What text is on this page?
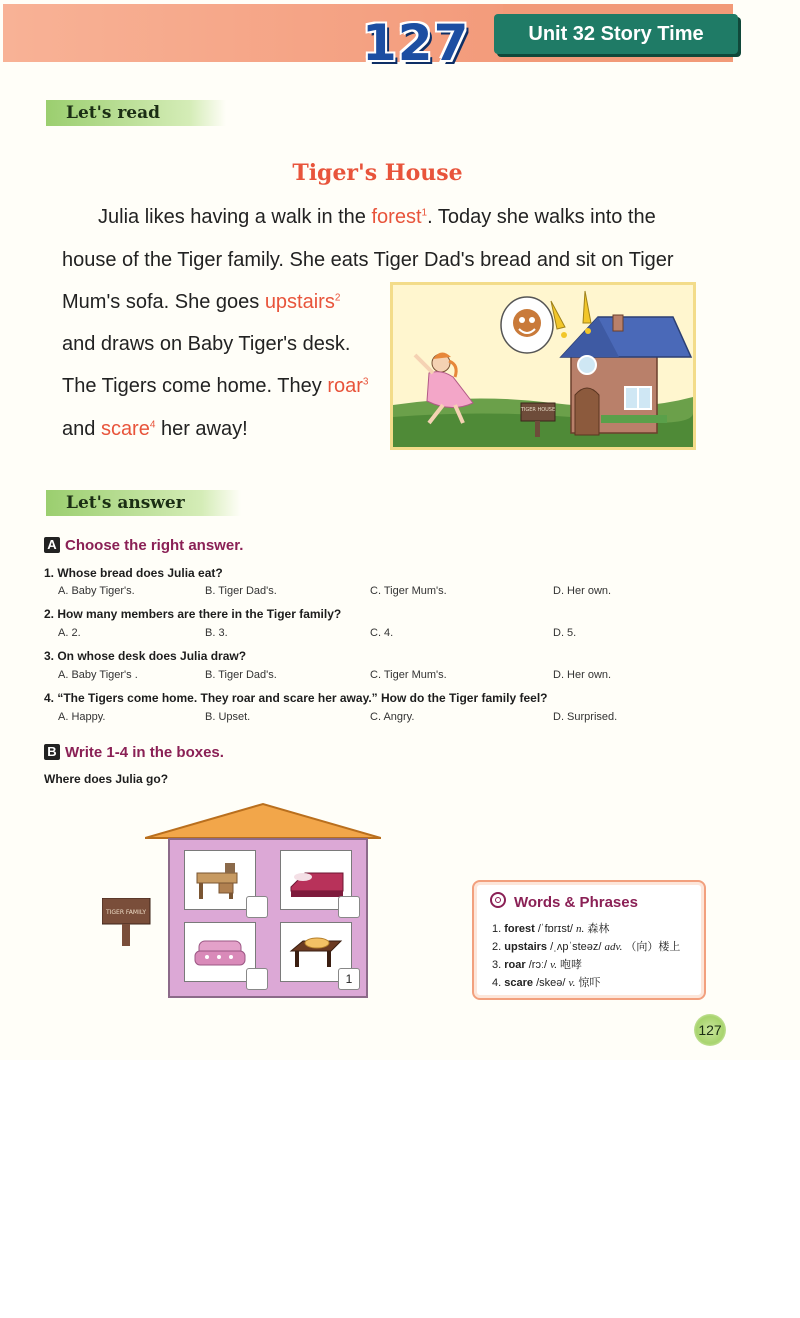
127	Unit 32 Story Time
Let's read
Tiger's House
Julia likes having a walk in the forest$^1$. Today she walks into the
house of the Tiger family. She eats Tiger Dad's bread and sit on Tiger
Mum's sofa. She goes upstairs$^2$
and draws on Baby Tiger's desk.
The Tigers come home. They roar$^3$
and scare$^4$ her away!
TIGER HOUSE
Let's answer
A Choose the right answer.
1. Whose bread does Julia eat?
A. Baby Tiger's.	B. Tiger Dad's.	C. Tiger Mum's.	D. Her own.
2. How many members are there in the Tiger family?
A. 2.	B. 3.	C. 4.	D. 5.
3. On whose desk does Julia draw?
A. Baby Tiger's .	B. Tiger Dad's.	C. Tiger Mum's.	D. Her own.
4. “The Tigers come home. They roar and scare her away.” How do the Tiger family feel?
A. Happy.	B. Upset.	C. Angry.	D. Surprised.
B Write 1-4 in the boxes.
Where does Julia go?
1
TIGER FAMILY
Words & Phrases
1. forest /ˈfɒrɪst/ n. 森林
2. upstairs /ˌʌpˈsteəz/ adv. （向）楼上
3. roar /rɔː/ v. 咆哮
4. scare /skeə/ v. 惊吓
127
